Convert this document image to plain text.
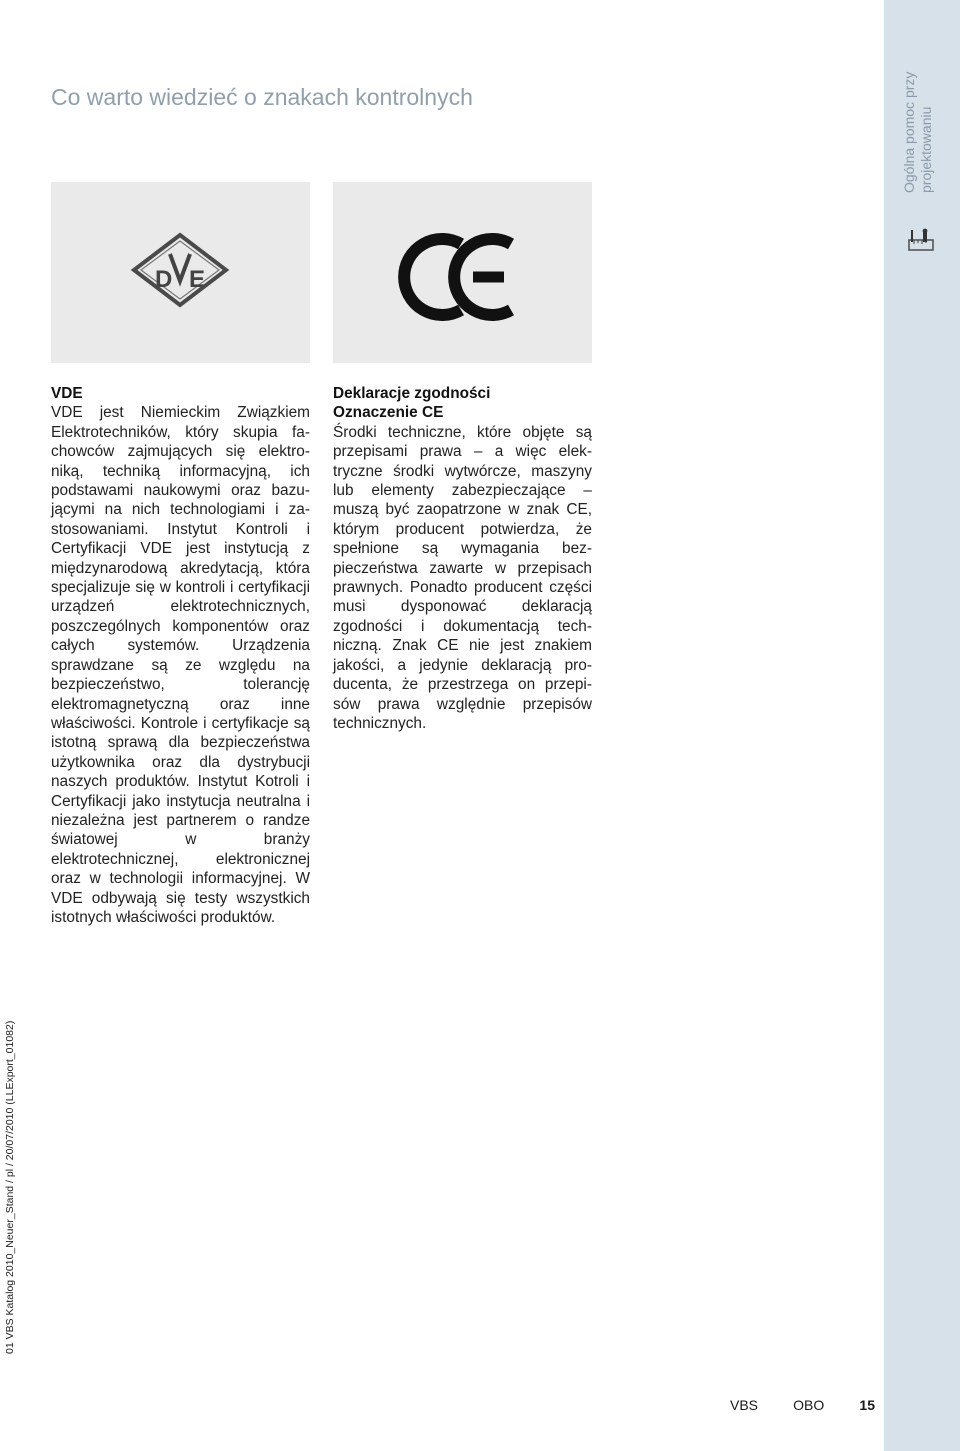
Ogólna pomoc przy projektowaniu
Co warto wiedzieć o znakach kontrolnych
D E
VDE

VDE jest Niemieckim Związkiem Elektrotechników, który skupia fachowców zajmujących się elektroniką, techniką informacyjną, ich podstawami naukowymi oraz bazującymi na nich technologiami i zastosowaniami. Instytut Kontroli i Certyfikacji VDE jest instytucją z międzynarodową akredytacją, która specjalizuje się w kontroli i certyfikacji urządzeń elektrotechnicznych, poszczególnych komponentów oraz całych systemów. Urządzenia sprawdzane są ze względu na bezpieczeństwo, tolerancję elektromagnetyczną oraz inne właściwości. Kontrole i certyfikacje są istotną sprawą dla bezpieczeństwa użytkownika oraz dla dystrybucji naszych produktów. Instytut Kotroli i Certyfikacji jako instytucja neutralna i niezależna jest partnerem o randze światowej w branży elektrotechnicznej, elektronicznej oraz w technologii informacyjnej. W VDE odbywają się testy wszystkich istotnych właściwości produktów.

Deklaracje zgodności
Oznaczenie CE

Środki techniczne, które objęte są przepisami prawa – a więc elektryczne środki wytwórcze, maszyny lub elementy zabezpieczające – muszą być zaopatrzone w znak CE, którym producent potwierdza, że spełnione są wymagania bezpieczeństwa zawarte w przepisach prawnych. Ponadto producent części musi dysponować deklaracją zgodności i dokumentacją techniczną. Znak CE nie jest znakiem jakości, a jedynie deklaracją producenta, że przestrzega on przepisów prawa względnie przepisów technicznych.

01 VBS Katalog 2010_Neuer_Stand / pl / 20/07/2010 (LLExport_01082)
VBS	OBO	15
